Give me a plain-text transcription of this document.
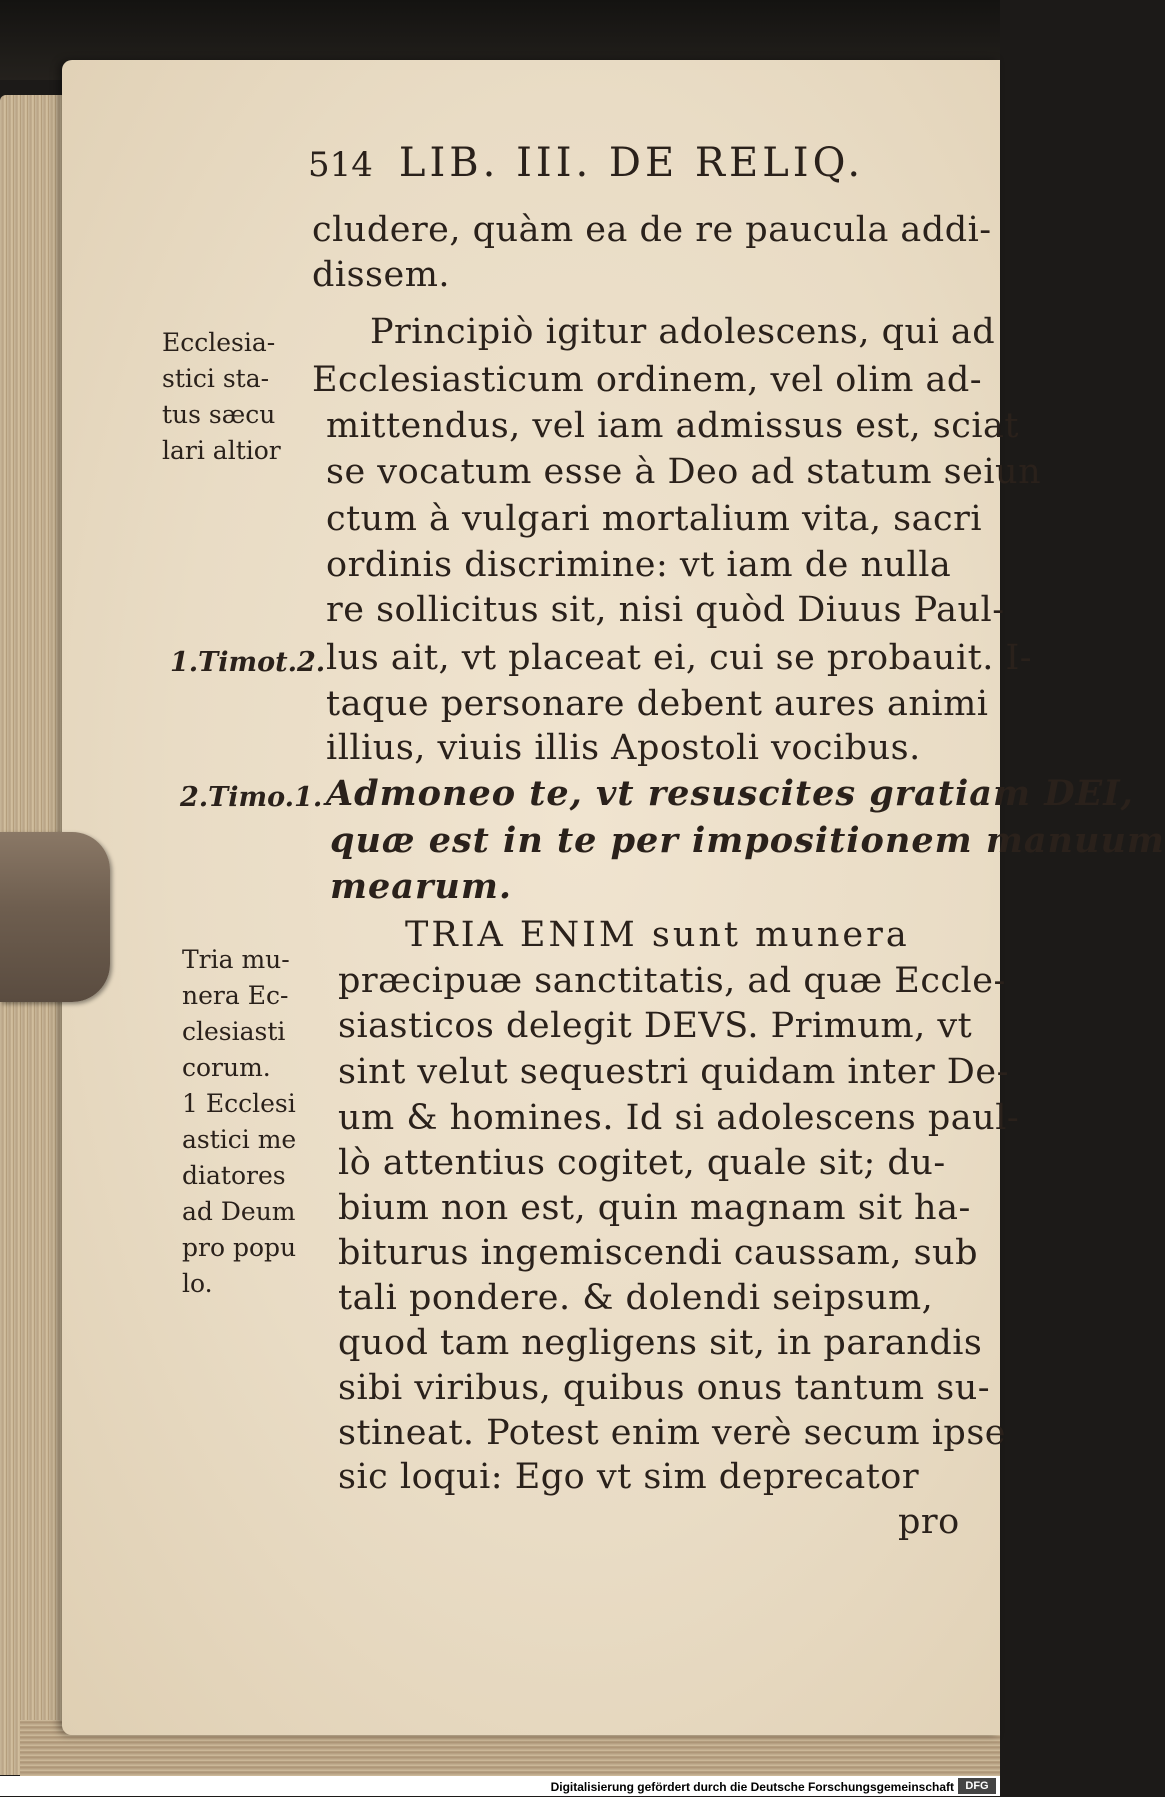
514 LIB. III. DE RELIQ.
cludere, quàm ea de re paucula addi-
dissem.
Principiò igitur adolescens, qui ad
Ecclesiasticum ordinem, vel olim ad-
mittendus, vel iam admissus est, sciat
se vocatum esse à Deo ad statum seiun
ctum à vulgari mortalium vita, sacri
ordinis discrimine: vt iam de nulla
re sollicitus sit, nisi quòd Diuus Paul-
lus ait, vt placeat ei, cui se probauit. I-
taque personare debent aures animi
illius, viuis illis Apostoli vocibus.
Admoneo te, vt resuscites gratiam DEI,
quæ est in te per impositionem manuum
mearum.
TRIA ENIM sunt munera
præcipuæ sanctitatis, ad quæ Eccle-
siasticos delegit DEVS. Primum, vt
sint velut sequestri quidam inter De-
um & homines. Id si adolescens paul-
lò attentius cogitet, quale sit; du-
bium non est, quin magnam sit ha-
biturus ingemiscendi caussam, sub
tali pondere. & dolendi seipsum,
quod tam negligens sit, in parandis
sibi viribus, quibus onus tantum su-
stineat. Potest enim verè secum ipse
sic loqui: Ego vt sim deprecator
pro
Ecclesia-
stici sta-
tus sæcu
lari altior
1.Timot.2.
2.Timo.1.
Tria mu-
nera Ec-
clesiasti
corum.
1 Ecclesi
astici me
diatores
ad Deum
pro popu
lo.
Digitalisierung gefördert durch die Deutsche Forschungsgemeinschaft	DFG
